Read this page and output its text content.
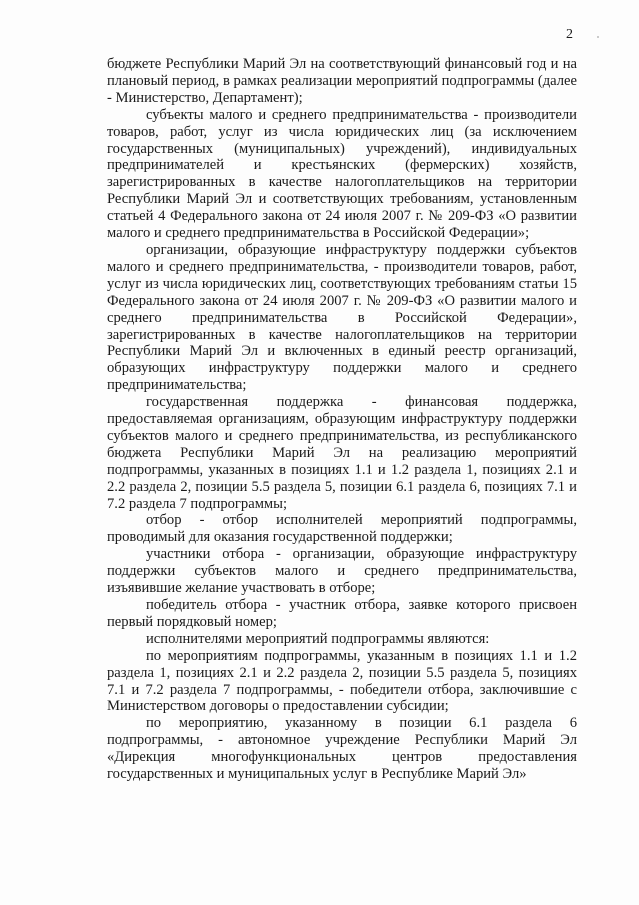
2

бюджете Республики Марий Эл на соответствующий финансовый год и на плановый период, в рамках реализации мероприятий подпрограммы (далее - Министерство, Департамент);

субъекты малого и среднего предпринимательства - производители товаров, работ, услуг из числа юридических лиц (за исключением государственных (муниципальных) учреждений), индивидуальных предпринимателей и крестьянских (фермерских) хозяйств, зарегистрированных в качестве налогоплательщиков на территории Республики Марий Эл и соответствующих требованиям, установленным статьей 4 Федерального закона от 24 июля 2007 г. № 209-ФЗ «О развитии малого и среднего предпринимательства в Российской Федерации»;

организации, образующие инфраструктуру поддержки субъектов малого и среднего предпринимательства, - производители товаров, работ, услуг из числа юридических лиц, соответствующих требованиям статьи 15 Федерального закона от 24 июля 2007 г. № 209-ФЗ «О развитии малого и среднего предпринимательства в Российской Федерации», зарегистрированных в качестве налогоплательщиков на территории Республики Марий Эл и включенных в единый реестр организаций, образующих инфраструктуру поддержки малого и среднего предпринимательства;

государственная поддержка - финансовая поддержка, предоставляемая организациям, образующим инфраструктуру поддержки субъектов малого и среднего предпринимательства, из республиканского бюджета Республики Марий Эл на реализацию мероприятий подпрограммы, указанных в позициях 1.1 и 1.2 раздела 1, позициях 2.1 и 2.2 раздела 2, позиции 5.5 раздела 5, позиции 6.1 раздела 6, позициях 7.1 и 7.2 раздела 7 подпрограммы;

отбор - отбор исполнителей мероприятий подпрограммы, проводимый для оказания государственной поддержки;

участники отбора - организации, образующие инфраструктуру поддержки субъектов малого и среднего предпринимательства, изъявившие желание участвовать в отборе;

победитель отбора - участник отбора, заявке которого присвоен первый порядковый номер;

исполнителями мероприятий подпрограммы являются:

по мероприятиям подпрограммы, указанным в позициях 1.1 и 1.2 раздела 1, позициях 2.1 и 2.2 раздела 2, позиции 5.5 раздела 5, позициях 7.1 и 7.2 раздела 7 подпрограммы, - победители отбора, заключившие с Министерством договоры о предоставлении субсидии;

по мероприятию, указанному в позиции 6.1 раздела 6 подпрограммы, - автономное учреждение Республики Марий Эл «Дирекция многофункциональных центров предоставления государственных и муниципальных услуг в Республике Марий Эл»
